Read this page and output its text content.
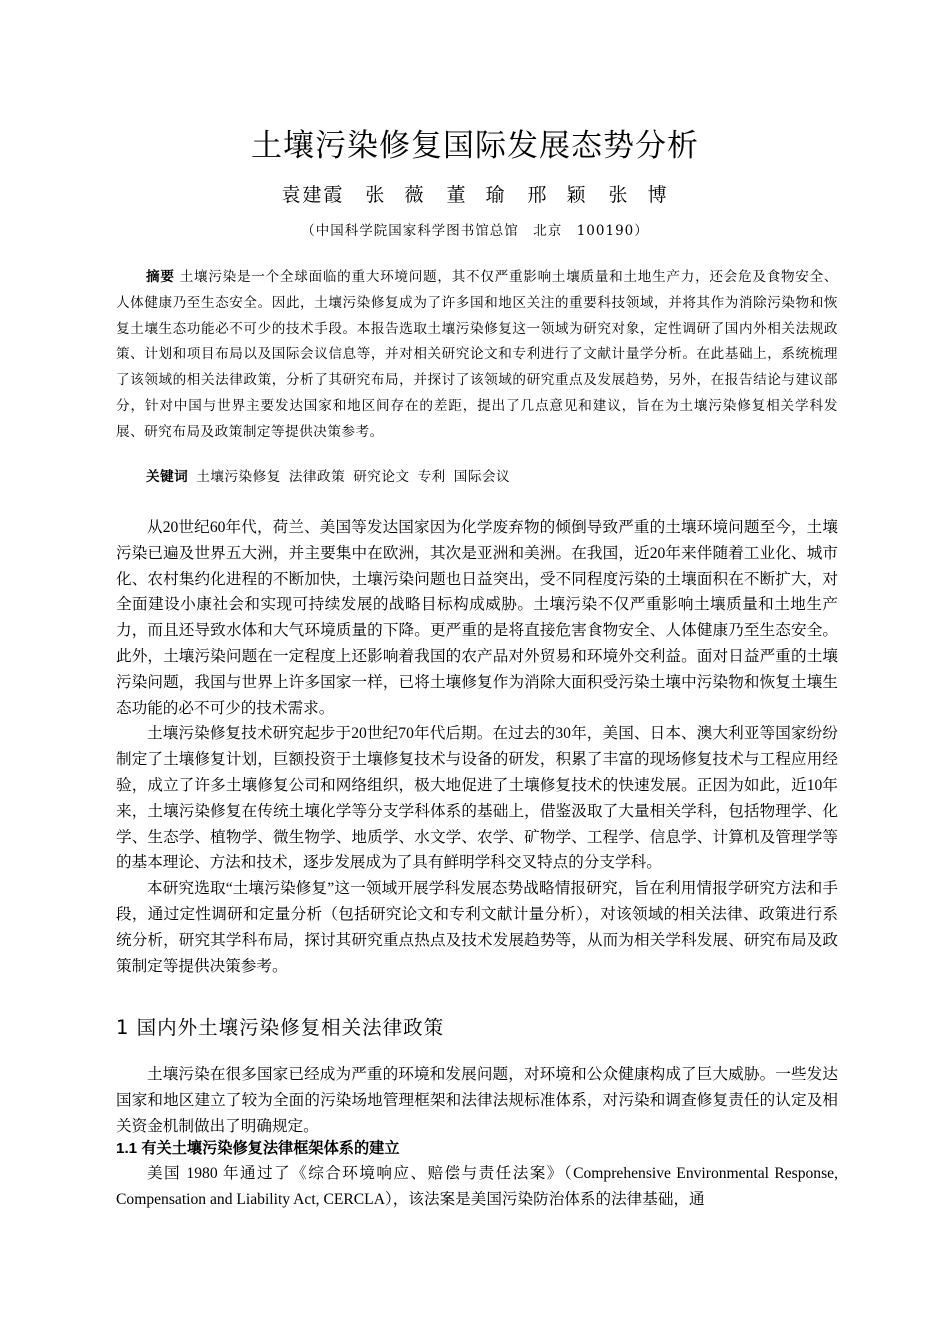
土壤污染修复国际发展态势分析
袁建霞　张 薇　董 瑜　邢 颖　张 博
（中国科学院国家科学图书馆总馆　北京　100190）
摘要 土壤污染是一个全球面临的重大环境问题，其不仅严重影响土壤质量和土地生产力，还会危及食物安全、人体健康乃至生态安全。因此，土壤污染修复成为了许多国和地区关注的重要科技领域，并将其作为消除污染物和恢复土壤生态功能必不可少的技术手段。本报告选取土壤污染修复这一领域为研究对象，定性调研了国内外相关法规政策、计划和项目布局以及国际会议信息等，并对相关研究论文和专利进行了文献计量学分析。在此基础上，系统梳理了该领域的相关法律政策，分析了其研究布局，并探讨了该领域的研究重点及发展趋势，另外，在报告结论与建议部分，针对中国与世界主要发达国家和地区间存在的差距，提出了几点意见和建议，旨在为土壤污染修复相关学科发展、研究布局及政策制定等提供决策参考。
关键词 土壤污染修复 法律政策 研究论文 专利 国际会议

从20世纪60年代，荷兰、美国等发达国家因为化学废弃物的倾倒导致严重的土壤环境问题至今，土壤污染已遍及世界五大洲，并主要集中在欧洲，其次是亚洲和美洲。在我国，近20年来伴随着工业化、城市化、农村集约化进程的不断加快，土壤污染问题也日益突出，受不同程度污染的土壤面积在不断扩大，对全面建设小康社会和实现可持续发展的战略目标构成威胁。土壤污染不仅严重影响土壤质量和土地生产力，而且还导致水体和大气环境质量的下降。更严重的是将直接危害食物安全、人体健康乃至生态安全。此外，土壤污染问题在一定程度上还影响着我国的农产品对外贸易和环境外交利益。面对日益严重的土壤污染问题，我国与世界上许多国家一样，已将土壤修复作为消除大面积受污染土壤中污染物和恢复土壤生态功能的必不可少的技术需求。

土壤污染修复技术研究起步于20世纪70年代后期。在过去的30年，美国、日本、澳大利亚等国家纷纷制定了土壤修复计划，巨额投资于土壤修复技术与设备的研发，积累了丰富的现场修复技术与工程应用经验，成立了许多土壤修复公司和网络组织，极大地促进了土壤修复技术的快速发展。正因为如此，近10年来，土壤污染修复在传统土壤化学等分支学科体系的基础上，借鉴汲取了大量相关学科，包括物理学、化学、生态学、植物学、微生物学、地质学、水文学、农学、矿物学、工程学、信息学、计算机及管理学等的基本理论、方法和技术，逐步发展成为了具有鲜明学科交叉特点的分支学科。

本研究选取“土壤污染修复”这一领域开展学科发展态势战略情报研究，旨在利用情报学研究方法和手段，通过定性调研和定量分析（包括研究论文和专利文献计量分析），对该领域的相关法律、政策进行系统分析，研究其学科布局，探讨其研究重点热点及技术发展趋势等，从而为相关学科发展、研究布局及政策制定等提供决策参考。

1 国内外土壤污染修复相关法律政策

土壤污染在很多国家已经成为严重的环境和发展问题，对环境和公众健康构成了巨大威胁。一些发达国家和地区建立了较为全面的污染场地管理框架和法律法规标准体系，对污染和调查修复责任的认定及相关资金机制做出了明确规定。

1.1 有关土壤污染修复法律框架体系的建立

美国 1980 年通过了《综合环境响应、赔偿与责任法案》（Comprehensive Environmental Response, Compensation and Liability Act, CERCLA），该法案是美国污染防治体系的法律基础，通
